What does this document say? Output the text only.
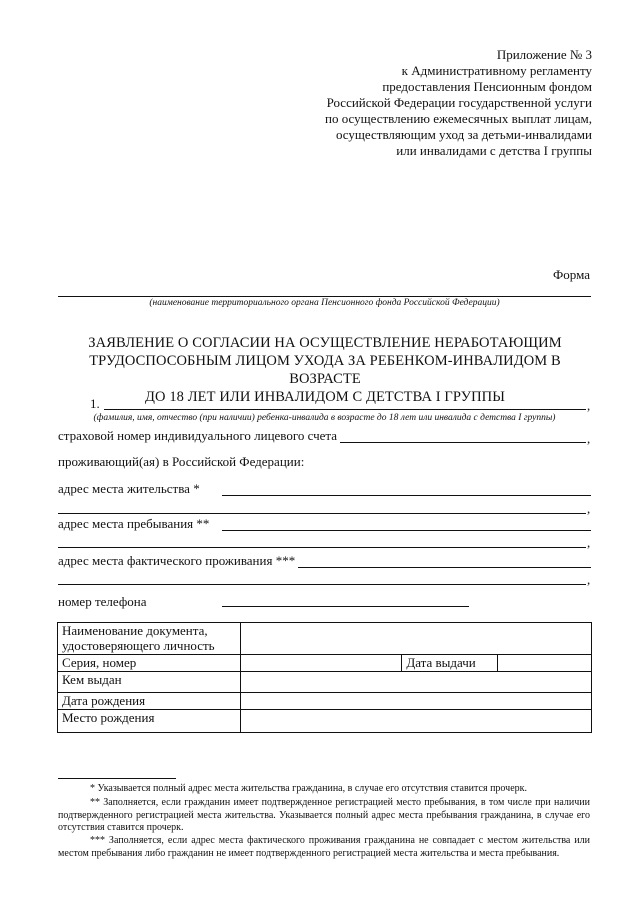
Приложение № 3
к Административному регламенту
предоставления Пенсионным фондом
Российской Федерации государственной услуги
по осуществлению ежемесячных выплат лицам,
осуществляющим уход за детьми-инвалидами
или инвалидами с детства I группы
Форма
(наименование территориального органа Пенсионного фонда Российской Федерации)
ЗАЯВЛЕНИЕ О СОГЛАСИИ НА ОСУЩЕСТВЛЕНИЕ НЕРАБОТАЮЩИМ
ТРУДОСПОСОБНЫМ ЛИЦОМ УХОДА ЗА РЕБЕНКОМ-ИНВАЛИДОМ В ВОЗРАСТЕ
ДО 18 ЛЕТ ИЛИ ИНВАЛИДОМ С ДЕТСТВА I ГРУППЫ
1.	,
(фамилия, имя, отчество (при наличии) ребенка-инвалида в возрасте до 18 лет или инвалида с детства I группы)
страховой номер индивидуального лицевого счета	,
проживающий(ая) в Российской Федерации:
адрес места жительства *
,
адрес места пребывания **
,
адрес места фактического проживания ***
,
номер телефона
Наименование документа, удостоверяющего личность			
Серия, номер		Дата выдачи	
Кем выдан			
Дата рождения			
Место рождения			
* Указывается полный адрес места жительства гражданина, в случае его отсутствия ставится прочерк.
** Заполняется, если гражданин имеет подтвержденное регистрацией место пребывания, в том числе при наличии подтвержденного регистрацией места жительства. Указывается полный адрес места пребывания гражданина, в случае его отсутствия ставится прочерк.
*** Заполняется, если адрес места фактического проживания гражданина не совпадает с местом жительства или местом пребывания либо гражданин не имеет подтвержденного регистрацией места жительства и места пребывания.
